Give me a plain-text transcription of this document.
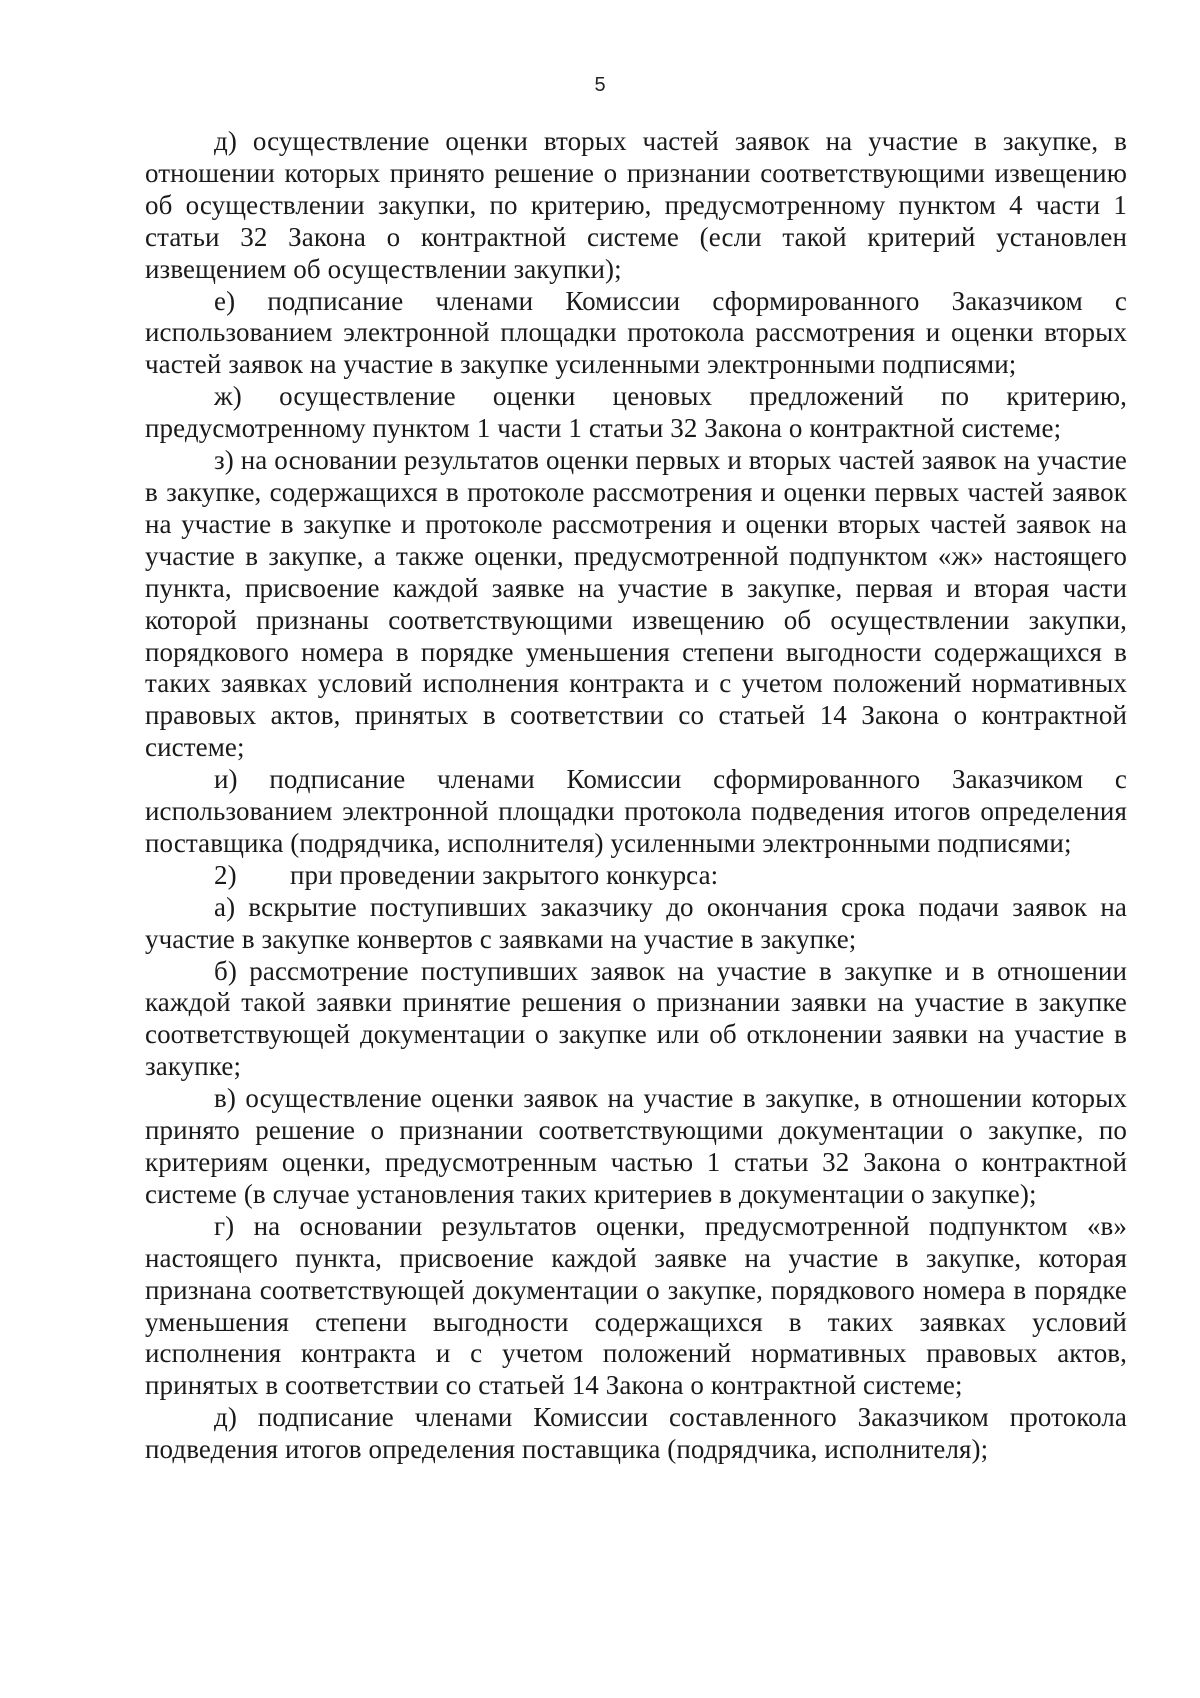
5

д) осуществление оценки вторых частей заявок на участие в закупке, в отношении которых принято решение о признании соответствующими извещению об осуществлении закупки, по критерию, предусмотренному пунктом 4 части 1 статьи 32 Закона о контрактной системе (если такой критерий установлен извещением об осуществлении закупки);

е) подписание членами Комиссии сформированного Заказчиком с использованием электронной площадки протокола рассмотрения и оценки вторых частей заявок на участие в закупке усиленными электронными подписями;

ж) осуществление оценки ценовых предложений по критерию, предусмотренному пунктом 1 части 1 статьи 32 Закона о контрактной системе;

з) на основании результатов оценки первых и вторых частей заявок на участие в закупке, содержащихся в протоколе рассмотрения и оценки первых частей заявок на участие в закупке и протоколе рассмотрения и оценки вторых частей заявок на участие в закупке, а также оценки, предусмотренной подпунктом «ж» настоящего пункта, присвоение каждой заявке на участие в закупке, первая и вторая части которой признаны соответствующими извещению об осуществлении закупки, порядкового номера в порядке уменьшения степени выгодности содержащихся в таких заявках условий исполнения контракта и с учетом положений нормативных правовых актов, принятых в соответствии со статьей 14 Закона о контрактной системе;

и) подписание членами Комиссии сформированного Заказчиком с использованием электронной площадки протокола подведения итогов определения поставщика (подрядчика, исполнителя) усиленными электронными подписями;

2) при проведении закрытого конкурса:

а) вскрытие поступивших заказчику до окончания срока подачи заявок на участие в закупке конвертов с заявками на участие в закупке;

б) рассмотрение поступивших заявок на участие в закупке и в отношении каждой такой заявки принятие решения о признании заявки на участие в закупке соответствующей документации о закупке или об отклонении заявки на участие в закупке;

в) осуществление оценки заявок на участие в закупке, в отношении которых принято решение о признании соответствующими документации о закупке, по критериям оценки, предусмотренным частью 1 статьи 32 Закона о контрактной системе (в случае установления таких критериев в документации о закупке);

г) на основании результатов оценки, предусмотренной подпунктом «в» настоящего пункта, присвоение каждой заявке на участие в закупке, которая признана соответствующей документации о закупке, порядкового номера в порядке уменьшения степени выгодности содержащихся в таких заявках условий исполнения контракта и с учетом положений нормативных правовых актов, принятых в соответствии со статьей 14 Закона о контрактной системе;

д) подписание членами Комиссии составленного Заказчиком протокола подведения итогов определения поставщика (подрядчика, исполнителя);
